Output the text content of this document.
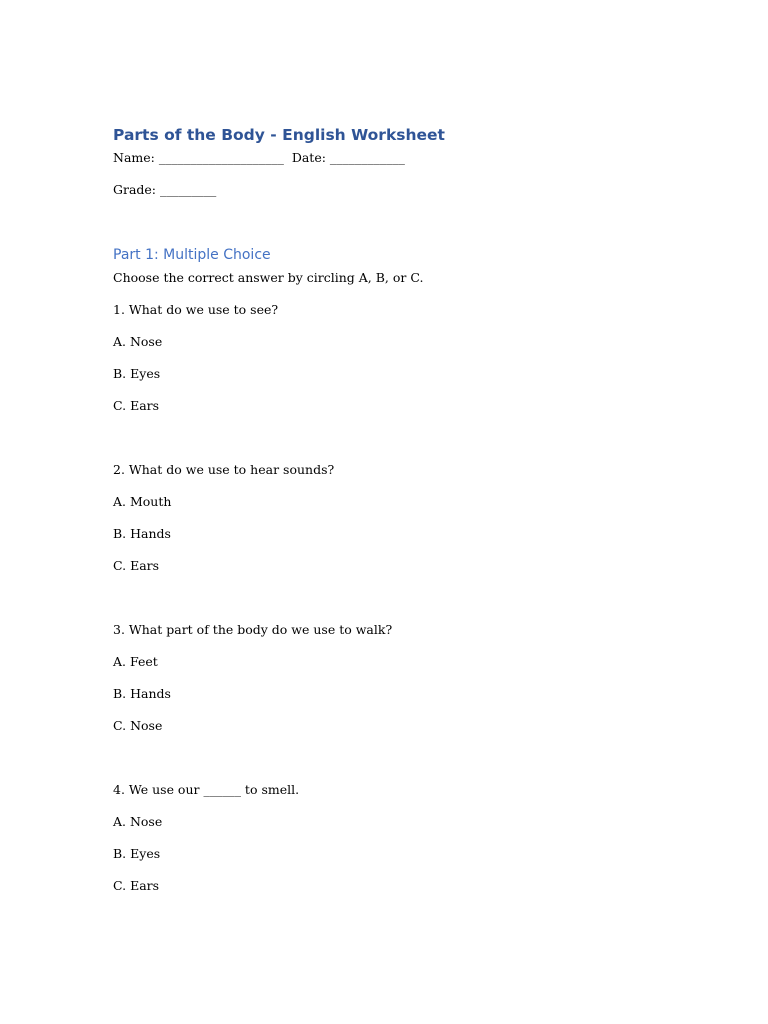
Parts of the Body - English Worksheet
Name: ____________________ Date: ____________
Grade: _________
Part 1: Multiple Choice
Choose the correct answer by circling A, B, or C.
1. What do we use to see?
A. Nose
B. Eyes
C. Ears
2. What do we use to hear sounds?
A. Mouth
B. Hands
C. Ears
3. What part of the body do we use to walk?
A. Feet
B. Hands
C. Nose
4. We use our ______ to smell.
A. Nose
B. Eyes
C. Ears
